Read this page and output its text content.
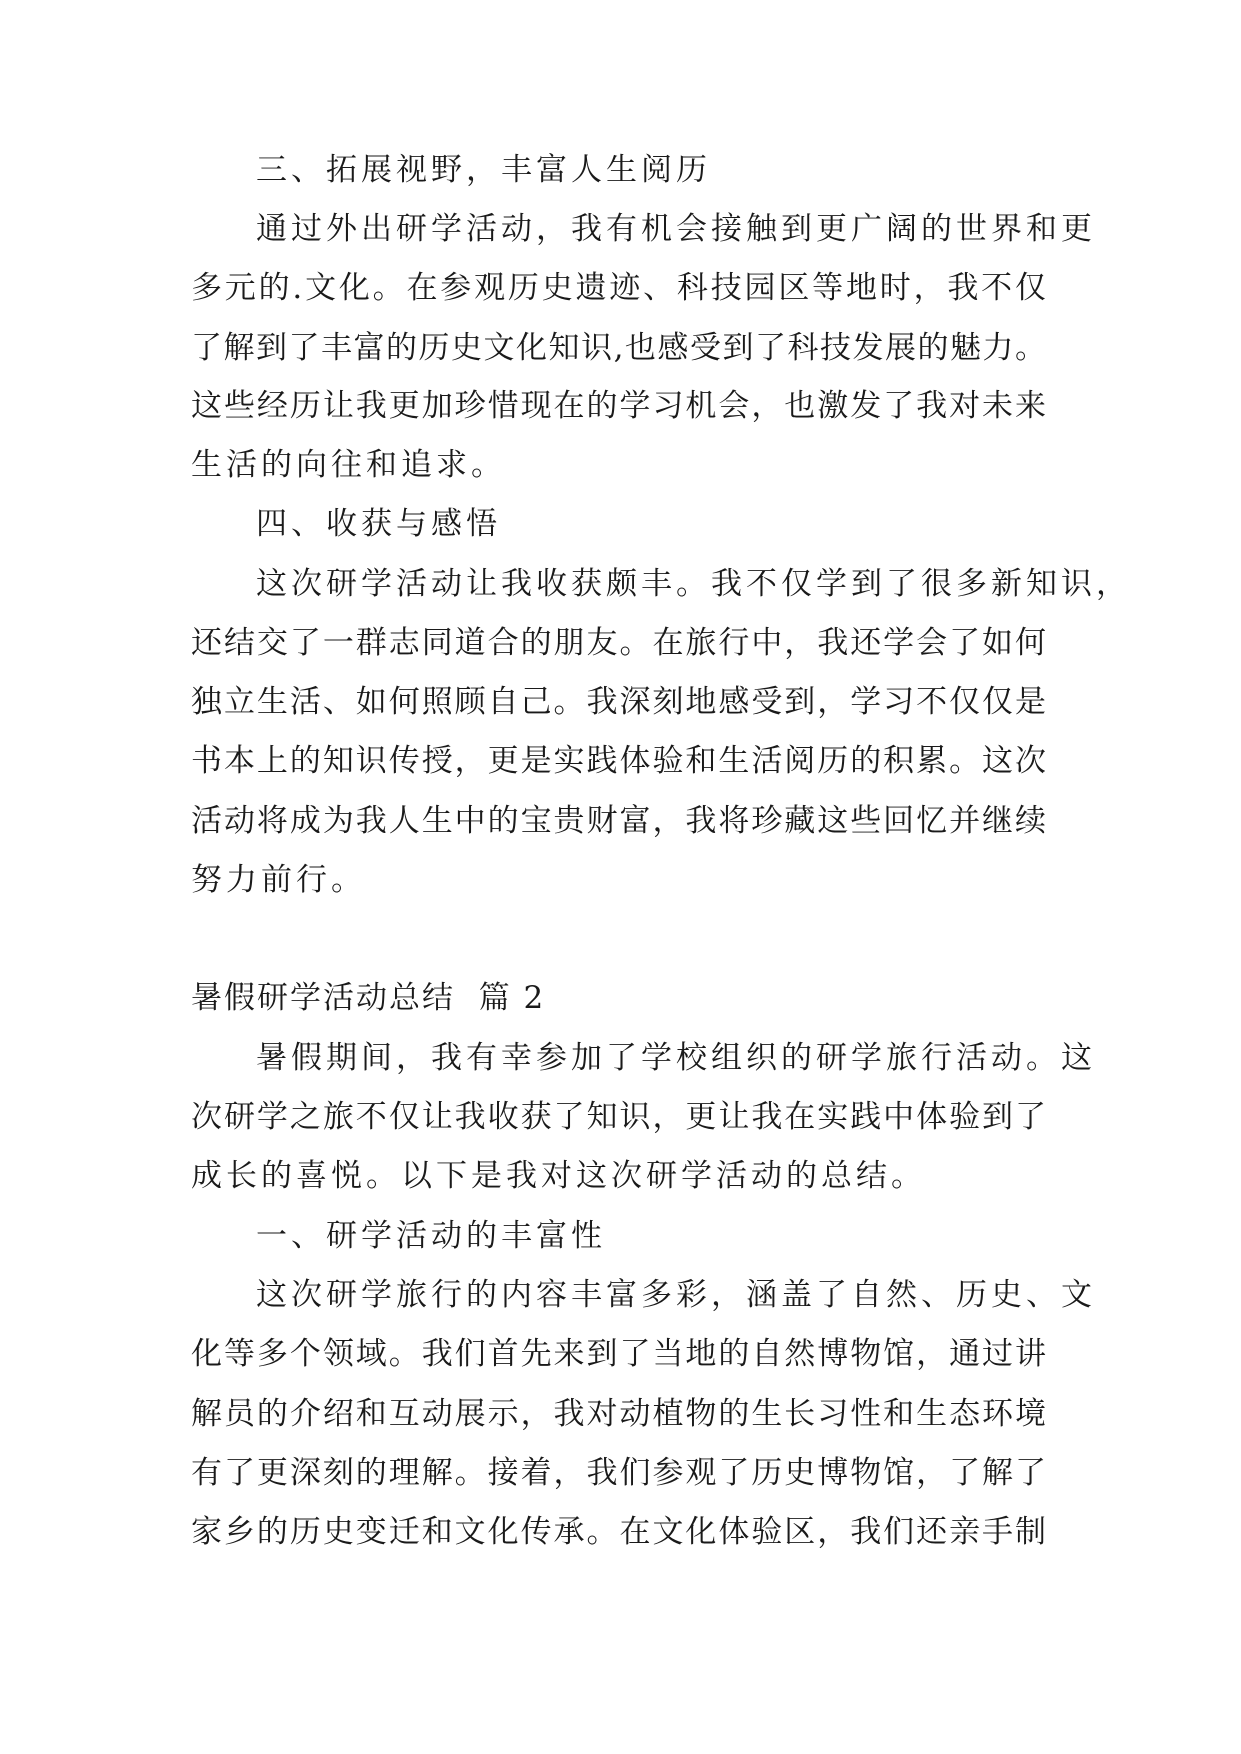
三、拓展视野，丰富人生阅历
通过外出研学活动，我有机会接触到更广阔的世界和更
多元的.文化。在参观历史遗迹、科技园区等地时，我不仅
了解到了丰富的历史文化知识,也感受到了科技发展的魅力。
这些经历让我更加珍惜现在的学习机会，也激发了我对未来
生活的向往和追求。
四、收获与感悟
这次研学活动让我收获颇丰。我不仅学到了很多新知识，
还结交了一群志同道合的朋友。在旅行中，我还学会了如何
独立生活、如何照顾自己。我深刻地感受到，学习不仅仅是
书本上的知识传授，更是实践体验和生活阅历的积累。这次
活动将成为我人生中的宝贵财富，我将珍藏这些回忆并继续
努力前行。
暑假研学活动总结  篇 2
暑假期间，我有幸参加了学校组织的研学旅行活动。这
次研学之旅不仅让我收获了知识，更让我在实践中体验到了
成长的喜悦。以下是我对这次研学活动的总结。
一、研学活动的丰富性
这次研学旅行的内容丰富多彩，涵盖了自然、历史、文
化等多个领域。我们首先来到了当地的自然博物馆，通过讲
解员的介绍和互动展示，我对动植物的生长习性和生态环境
有了更深刻的理解。接着，我们参观了历史博物馆，了解了
家乡的历史变迁和文化传承。在文化体验区，我们还亲手制
